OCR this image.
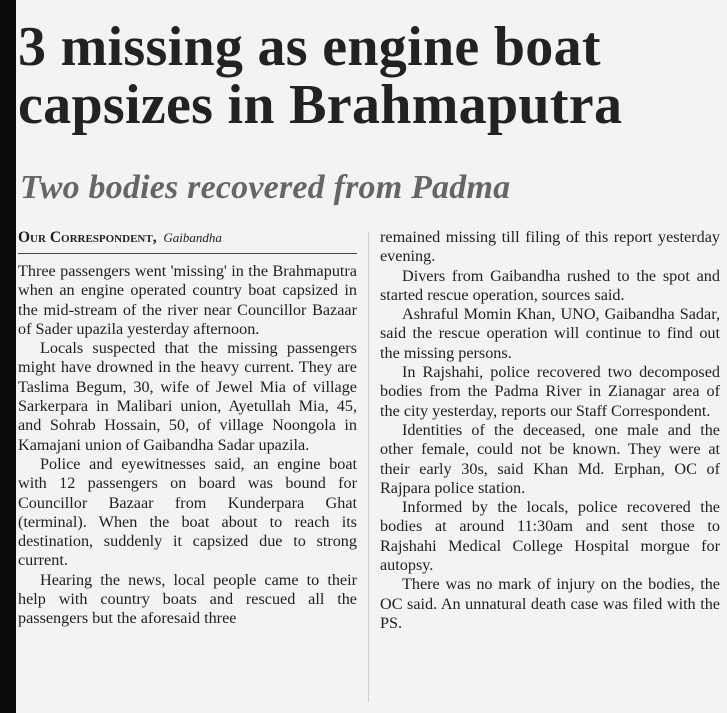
3 missing as engine boat capsizes in Brahmaputra
Two bodies recovered from Padma
Our Correspondent, Gaibandha

Three passengers went 'missing' in the Brahmaputra when an engine operated country boat capsized in the mid-stream of the river near Councillor Bazaar of Sader upazila yesterday afternoon.

Locals suspected that the missing passengers might have drowned in the heavy current. They are Taslima Begum, 30, wife of Jewel Mia of village Sarkerpara in Malibari union, Ayetullah Mia, 45, and Sohrab Hossain, 50, of village Noongola in Kamajani union of Gaibandha Sadar upazila.

Police and eyewitnesses said, an engine boat with 12 passengers on board was bound for Councillor Bazaar from Kunderpara Ghat (terminal). When the boat about to reach its destination, suddenly it capsized due to strong current.

Hearing the news, local people came to their help with country boats and rescued all the passengers but the aforesaid three

remained missing till filing of this report yesterday evening.

Divers from Gaibandha rushed to the spot and started rescue operation, sources said.

Ashraful Momin Khan, UNO, Gaibandha Sadar, said the rescue operation will continue to find out the missing persons.

In Rajshahi, police recovered two decomposed bodies from the Padma River in Zianagar area of the city yesterday, reports our Staff Correspondent.

Identities of the deceased, one male and the other female, could not be known. They were at their early 30s, said Khan Md. Erphan, OC of Rajpara police station.

Informed by the locals, police recovered the bodies at around 11:30am and sent those to Rajshahi Medical College Hospital morgue for autopsy.

There was no mark of injury on the bodies, the OC said. An unnatural death case was filed with the PS.
